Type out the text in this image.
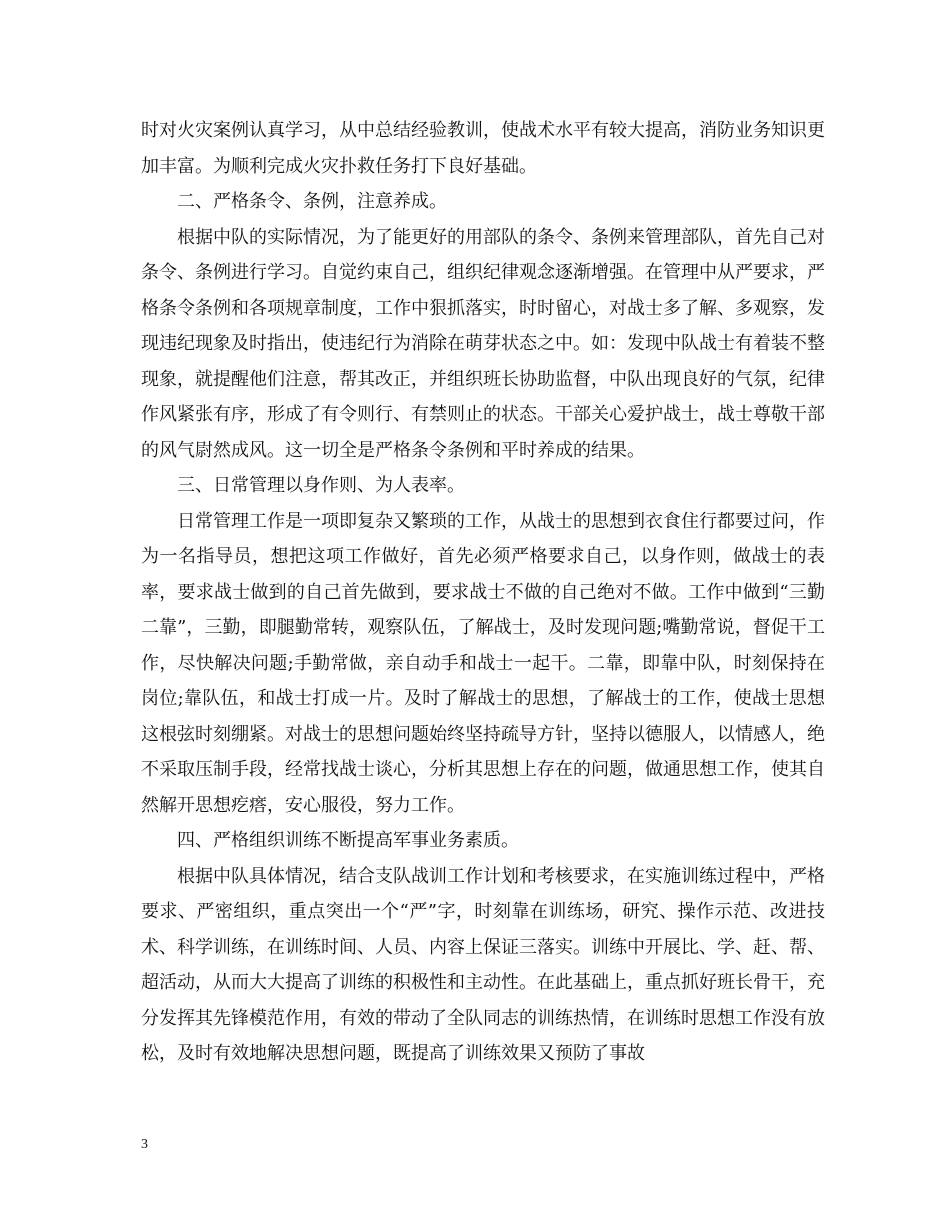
时对火灾案例认真学习，从中总结经验教训，使战术水平有较大提高，消防业务知识更加丰富。为顺利完成火灾扑救任务打下良好基础。

二、严格条令、条例，注意养成。

根据中队的实际情况，为了能更好的用部队的条令、条例来管理部队，首先自己对条令、条例进行学习。自觉约束自己，组织纪律观念逐渐增强。在管理中从严要求，严格条令条例和各项规章制度，工作中狠抓落实，时时留心，对战士多了解、多观察，发现违纪现象及时指出，使违纪行为消除在萌芽状态之中。如：发现中队战士有着装不整现象，就提醒他们注意，帮其改正，并组织班长协助监督，中队出现良好的气氛，纪律作风紧张有序，形成了有令则行、有禁则止的状态。干部关心爱护战士，战士尊敬干部的风气尉然成风。这一切全是严格条令条例和平时养成的结果。

三、日常管理以身作则、为人表率。

日常管理工作是一项即复杂又繁琐的工作，从战士的思想到衣食住行都要过问，作为一名指导员，想把这项工作做好，首先必须严格要求自己，以身作则，做战士的表率，要求战士做到的自己首先做到，要求战士不做的自己绝对不做。工作中做到“三勤二靠”，三勤，即腿勤常转，观察队伍，了解战士，及时发现问题;嘴勤常说，督促干工作，尽快解决问题;手勤常做，亲自动手和战士一起干。二靠，即靠中队，时刻保持在岗位;靠队伍，和战士打成一片。及时了解战士的思想，了解战士的工作，使战士思想这根弦时刻绷紧。对战士的思想问题始终坚持疏导方针，坚持以德服人，以情感人，绝不采取压制手段，经常找战士谈心，分析其思想上存在的问题，做通思想工作，使其自然解开思想疙瘩，安心服役，努力工作。

四、严格组织训练不断提高军事业务素质。

根据中队具体情况，结合支队战训工作计划和考核要求，在实施训练过程中，严格要求、严密组织，重点突出一个“严”字，时刻靠在训练场，研究、操作示范、改进技术、科学训练，在训练时间、人员、内容上保证三落实。训练中开展比、学、赶、帮、超活动，从而大大提高了训练的积极性和主动性。在此基础上，重点抓好班长骨干，充分发挥其先锋模范作用，有效的带动了全队同志的训练热情，在训练时思想工作没有放松，及时有效地解决思想问题，既提高了训练效果又预防了事故

3
